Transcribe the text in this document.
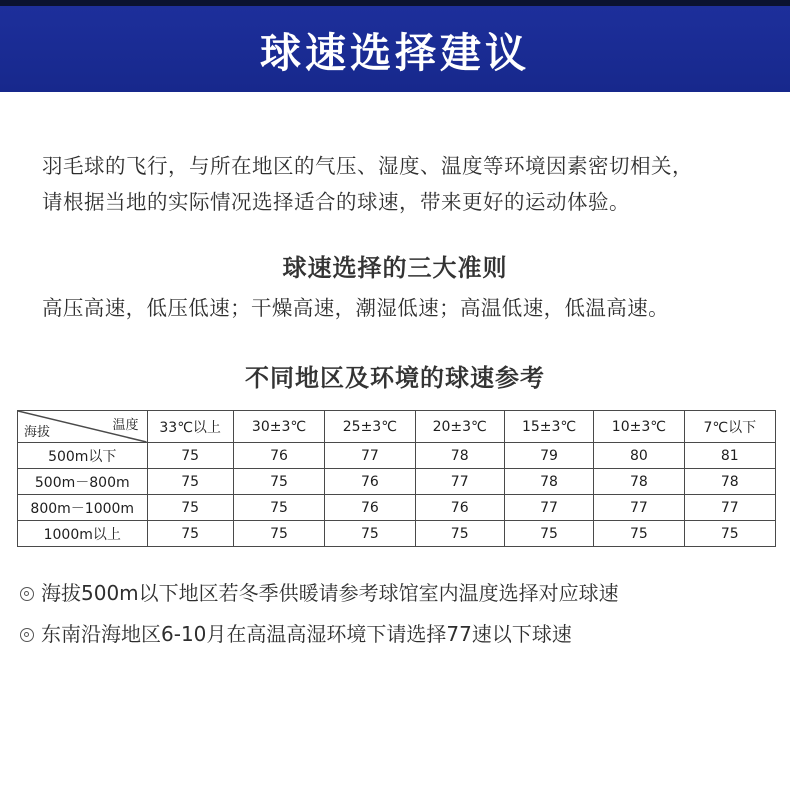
球速选择建议

羽毛球的飞行，与所在地区的气压、湿度、温度等环境因素密切相关，

请根据当地的实际情况选择适合的球速，带来更好的运动体验。

球速选择的三大准则
高压高速，低压低速；干燥高速，潮湿低速；高温低速，低温高速。
不同地区及环境的球速参考
温度
海拔	33℃以上	30±3℃	25±3℃	20±3℃	15±3℃	10±3℃	7℃以下
500m以下	75	76	77	78	79	80	81
500m－800m	75	75	76	77	78	78	78
800m－1000m	75	75	76	76	77	77	77
1000m以上	75	75	75	75	75	75	75
海拔500m以下地区若冬季供暖请参考球馆室内温度选择对应球速
东南沿海地区6-10月在高温高湿环境下请选择77速以下球速
